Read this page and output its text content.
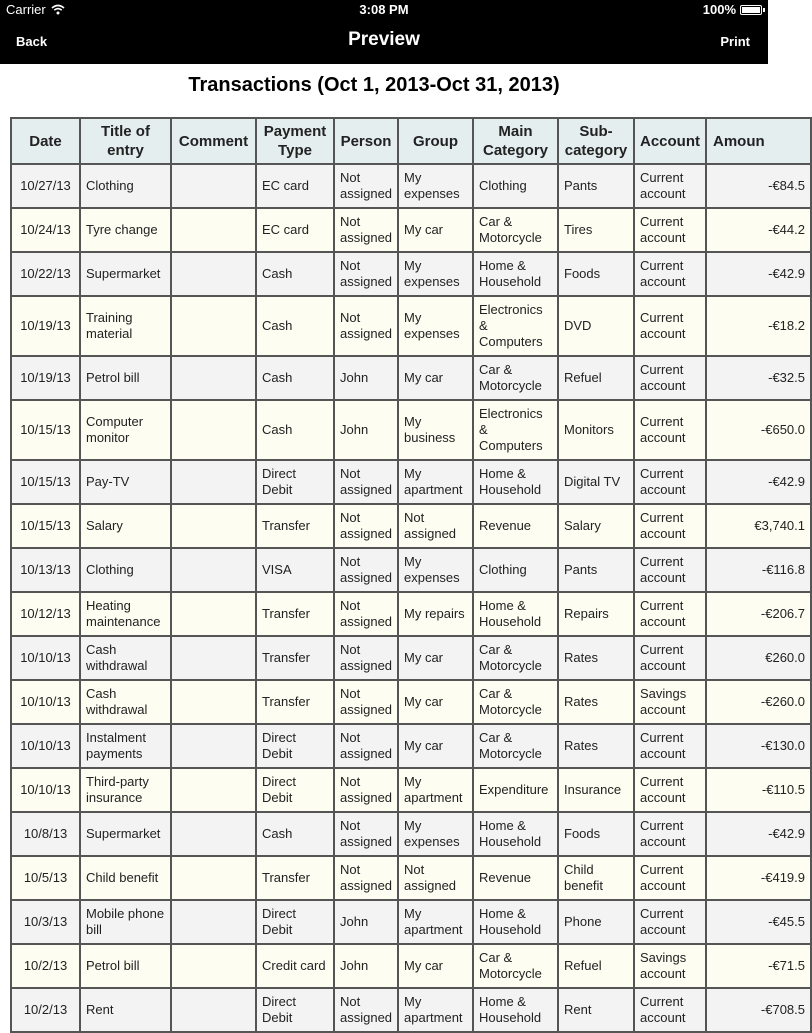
Carrier	3:08 PM	100%
Back	Preview	Print
Transactions (Oct 1, 2013-Oct 31, 2013)
Date	Title of entry	Comment	Payment Type	Person	Group	Main Category	Sub-category	Account	Amoun
10/27/13	Clothing		EC card	Not assigned	My expenses	Clothing	Pants	Current account	-€84.5
10/24/13	Tyre change		EC card	Not assigned	My car	Car & Motorcycle	Tires	Current account	-€44.2
10/22/13	Supermarket		Cash	Not assigned	My expenses	Home & Household	Foods	Current account	-€42.9
10/19/13	Training material		Cash	Not assigned	My expenses	Electronics & Computers	DVD	Current account	-€18.2
10/19/13	Petrol bill		Cash	John	My car	Car & Motorcycle	Refuel	Current account	-€32.5
10/15/13	Computer monitor		Cash	John	My business	Electronics & Computers	Monitors	Current account	-€650.0
10/15/13	Pay-TV		Direct Debit	Not assigned	My apartment	Home & Household	Digital TV	Current account	-€42.9
10/15/13	Salary		Transfer	Not assigned	Not assigned	Revenue	Salary	Current account	€3,740.1
10/13/13	Clothing		VISA	Not assigned	My expenses	Clothing	Pants	Current account	-€116.8
10/12/13	Heating maintenance		Transfer	Not assigned	My repairs	Home & Household	Repairs	Current account	-€206.7
10/10/13	Cash withdrawal		Transfer	Not assigned	My car	Car & Motorcycle	Rates	Current account	€260.0
10/10/13	Cash withdrawal		Transfer	Not assigned	My car	Car & Motorcycle	Rates	Savings account	-€260.0
10/10/13	Instalment payments		Direct Debit	Not assigned	My car	Car & Motorcycle	Rates	Current account	-€130.0
10/10/13	Third-party insurance		Direct Debit	Not assigned	My apartment	Expenditure	Insurance	Current account	-€110.5
10/8/13	Supermarket		Cash	Not assigned	My expenses	Home & Household	Foods	Current account	-€42.9
10/5/13	Child benefit		Transfer	Not assigned	Not assigned	Revenue	Child benefit	Current account	-€419.9
10/3/13	Mobile phone bill		Direct Debit	John	My apartment	Home & Household	Phone	Current account	-€45.5
10/2/13	Petrol bill		Credit card	John	My car	Car & Motorcycle	Refuel	Savings account	-€71.5
10/2/13	Rent		Direct Debit	Not assigned	My apartment	Home & Household	Rent	Current account	-€708.5
